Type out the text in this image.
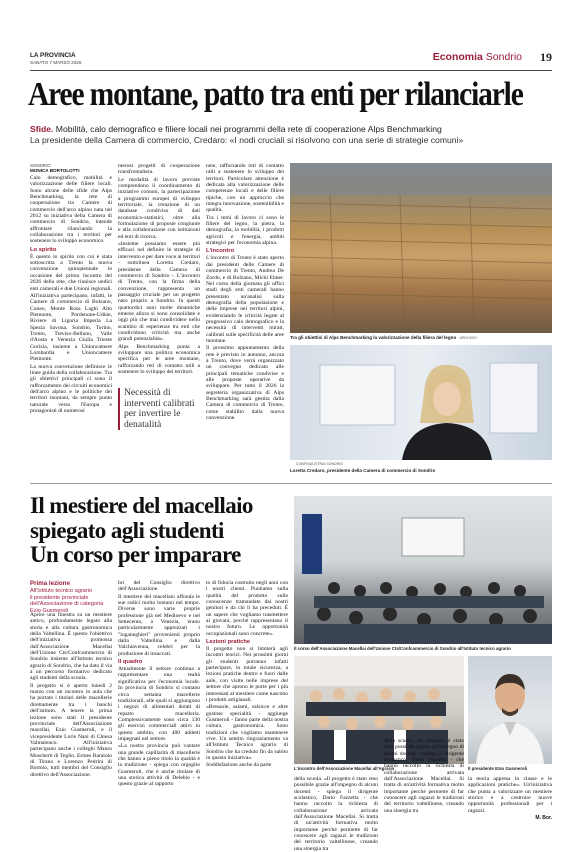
LA PROVINCIA
SABATO 7 MARZO 2026	Economia Sondrio 19
Aree montane, patto tra enti per rilanciarle
Sfide. Mobilità, calo demografico e filiere locali nei programmi della rete di cooperazione Alps Benchmarking
La presidente della Camera di commercio, Credaro: «I nodi cruciali si risolvono con una serie di strategie comuni»
SONDRIO
MONICA BORTOLOTTI

Calo demografico, mobilità e valorizzazione delle filiere locali. Sono alcune delle sfide che Alps Benchmarking, la rete di cooperazione tra Camere di commercio dell'arco alpino nata nel 2012 su iniziativa della Camera di commercio di Sondrio, intende affrontare rilanciando la collaborazione tra i territori per sostenere lo sviluppo economico.

Lo spirito

È questo lo spirito con cui è stata sottoscritta a Trento la nuova convenzione quinquennale in occasione del primo incontro del 2026 della rete, che riunisce undici enti camerali e due Unioni regionali.

All'iniziativa partecipano, infatti, le Camere di commercio di Bolzano, Cuneo, Monte Rosa Laghi Alto Piemonte, Pordenone-Udine, Riviere di Liguria Imperia La Spezia Savona, Sondrio, Torino, Trento, Treviso-Belluno, Valle d'Aosta e Venezia Giulia Trieste Gorizia, insieme a Unioncamere Lombardia e Unioncamere Piemonte.

La nuova convenzione definisce le linee guida della collaborazione. Tra gli obiettivi principali ci sono il rafforzamento dei circuiti economici dell'arco alpino e le politiche dei territori montani, da sempre punto naturale verso l'Europa e protagonisti di numerosi

merosi progetti di cooperazione transfrontaliera.

Le modalità di lavoro previste comprendono il coordinamento di iniziative comuni, la partecipazione a programmi europei di sviluppo territoriale, la creazione di un database condiviso di dati economico-statistici, oltre alla formulazione di proposte congiunte e alla collaborazione con istituzioni ed enti di ricerca.

«Insieme possiamo essere più efficaci nel definire le strategie di intervento e per dare voce ai territori - sottolinea Loretta Credaro, presidente della Camera di commercio di Sondrio -. L'incontro di Trento, con la firma della convenzione, rappresenta un passaggio cruciale per un progetto nato proprio a Sondrio. In questi quattordici anni molte dinamiche emerse allora si sono consolidate e oggi più che mai condividere nello scambio di esperienze tra enti che condividono criticità ma anche grandi potenzialità».

Alps Benchmarking punta a sviluppare una politica economica specifica per le aree montane, rafforzando reti di contatto utili a sostenere lo sviluppo dei territori.

Necessità di interventi calibrati per invertire le denatalità

tane, rafforzando reti di contatto utili a sostenere lo sviluppo dei territori. Particolare attenzione è dedicata alla valorizzazione delle competenze locali e delle filiere tipiche, con un approccio che integra innovazione, sostenibilità e qualità.

Tra i temi di lavoro ci sono le filiere del legno, la pietra, la demografia, la mobilità, i prodotti agricoli e l'energia, ambiti strategici per l'economia alpina.

L'incontro

L'incontro di Trento è stato aperto dai presidenti delle Camere di commercio di Trento, Andrea De Zordo, e di Bolzano, Michl Ebner. Nel corso della giornata gli uffici studi degli enti camerali hanno presentato un'analisi sulla demografia della popolazione e delle imprese nei territori alpini, evidenziando le criticità legate al progressivo calo demografico e la necessità di interventi mirati, calibrati sulle specificità delle aree montane.

Il prossimo appuntamento della rete è previsto in autunno, ancora a Trento, dove verrà organizzato un convegno dedicato alle principali tematiche condivise e alle proposte operative da sviluppare. Per tutto il 2026 la segreteria organizzativa di Alps Benchmarking sarà gestita dalla Camera di commercio di Trento, come stabilito dalla nuova convenzione.

Tra gli obiettivi di Alps Benchmarking la valorizzazione della filiera del legno ARCHIVIO
CONFINDUSTRIA SONDRIO
Loretta Credaro, presidente della Camera di commercio di Sondrio
Il mestiere del macellaio
spiegato agli studenti
Un corso per imparare
Prima lezione
All'Istituto tecnico agrario
il presidente provinciale
dell'Associazione di categoria
Ezio Gusmeroli

Aprire una finestra su un mestiere antico, profondamente legato alla storia e alla cultura gastronomica della Valtellina. È questo l'obiettivo dell'iniziativa promossa dall'Associazione Macellai dell'Unione Cts/Confcommercio di Sondrio insieme all'Istituto tecnico agrario di Sondrio, che ha dato il via a un percorso formativo dedicato agli studenti della scuola.

Il progetto si è aperto lunedì 2 marzo con un incontro in aula che ha portato i titolari delle macellerie direttamente tra i banchi dell'istituto. A tenere la prima lezione sono stati il presidente provinciale dell'Associazione macellai, Ezio Gusmeroli, e il vicepresidente Loris Nani di Chiesa Valmalenco. All'iniziativa partecipano anche i colleghi Mauro Moscherti di Teglio, Ermes Baraiolo di Tirano e Lorenzo Pedrini di Bormio, tutti membri del Consiglio direttivo dell'Associazione.

bri del Consiglio direttivo dell'Associazione.

Il mestiere del macellaio affonda le sue radici molto lontano nel tempo. Diverse sono varie proprie professione già nel Medioevo e nel Settecento, a Venezia, erano particolarmente apprezzati i "luganeghieri" provenienti proprio dalla Valtellina e dalla Valchiavenna, celebri per la produzione di insaccati.

Il quadro

Attualmente il settore continua a rappresentare una realtà significativa per l'economia locale. In provincia di Sondrio si contano circa settanta macellerie tradizionali, alle quali si aggiungono i negozi di alimentari dotati di reparto macelleria. Complessivamente sono circa 130 gli esercizi commerciali attivi in questo ambito, con 400 addetti impegnati nel settore.

«La nostra provincia può vantare una grande capillarità di macellerie che hanno a pieno titolo la qualità e la tradizione - spiega con orgoglio Gusmeroli, che è anche titolare di una storica attività di Delebio - e questo grazie al rapporto

to di fiducia costruito negli anni con i nostri clienti. Puntiamo sulla qualità del prodotto sulle conoscenze tramandate dai nostri genitori e da chi li ha preceduti. È un sapere che vogliamo trasmettere ai giovani, perché rappresentano il nostro futuro. Le opportunità occupazionali sono concrete».

Lezioni pratiche

Il progetto non si limiterà agli incontri teorici. Nei prossimi giorni gli studenti potranno infatti partecipare, in totale sicurezza, a lezioni pratiche dentro e fuori dalle aule, con visite nelle imprese del settore che aprono le porte per i più interessati al mestiere come nascono i prodotti artigianali.

«Bresaole, salami, salsicce e altre gustose specialità - aggiunge Gusmeroli - fanno parte della nostra cultura gastronomica. Sono tradizioni che vogliamo mantenere vive. Un sentito ringraziamento va all'Istituto Tecnico agrario di Sondrio che ha creduto fin da subito in questa iniziativa».

Soddisfazione anche da parte

Il corso dell'Associazione Macellai dell'Unione Cts/Confcommercio di Sondrio all'Istituto tecnico agrario
L'incontro dell'Associazione Macellai all'Agrario	Il presidente Ezio Gusmeroli

della scuola. «Il progetto è stato reso possibile grazie all'impegno di alcuni docenti - spiega il dirigente scolastico, Dario Fazzetta - che hanno raccolto la richiesta di collaborazione arrivata dall'Associazione Macellai. Si tratta di un'attività formativa molto importante perché permette di far conoscere agli ragazzi le tradizioni del territorio valtellinese, creando una sinergia tra

della scuola. «Il progetto è stato reso possibile grazie all'impegno di alcuni docenti - spiega il dirigente scolastico, Dario Fazzetta - che hanno raccolto la richiesta di collaborazione arrivata dall'Associazione Macellai. Si tratta di un'attività formativa molto importante perché permette di far conoscere agli ragazzi le tradizioni del territorio valtellinese, creando una sinergia tra

la teoria appresa in classe e le applicazioni pratiche». Un'iniziativa che punta a valorizzare un mestiere storico e a costruire nuove opportunità professionali per i ragazzi.

M. Bor.
